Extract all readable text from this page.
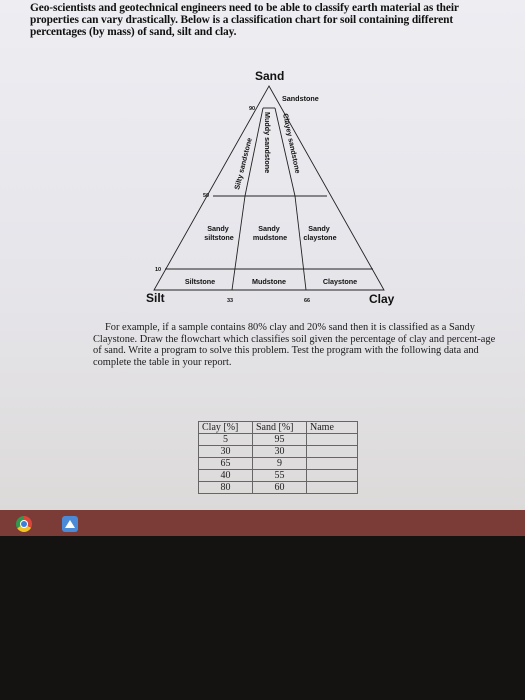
Geo-scientists and geotechnical engineers need to be able to classify earth material as their properties can vary drastically. Below is a classification chart for soil containing different percentages (by mass) of sand, silt and clay.

Sand
Silt	Clay
Sandstone
Silty sandstone Muddy sandstone Clayey sandstone
Sandy siltstone
Sandy mudstone
Sandy claystone
Siltstone	Mudstone	Claystone
90
50
10
33	66

For example, if a sample contains 80% clay and 20% sand then it is classified as a Sandy Claystone. Draw the flowchart which classifies soil given the percentage of clay and percent-age of sand. Write a program to solve this problem. Test the program with the following data and complete the table in your report.

Clay [%]	Sand [%]	Name
5	95	
30	30	
65	9	
40	55	
80	60	
